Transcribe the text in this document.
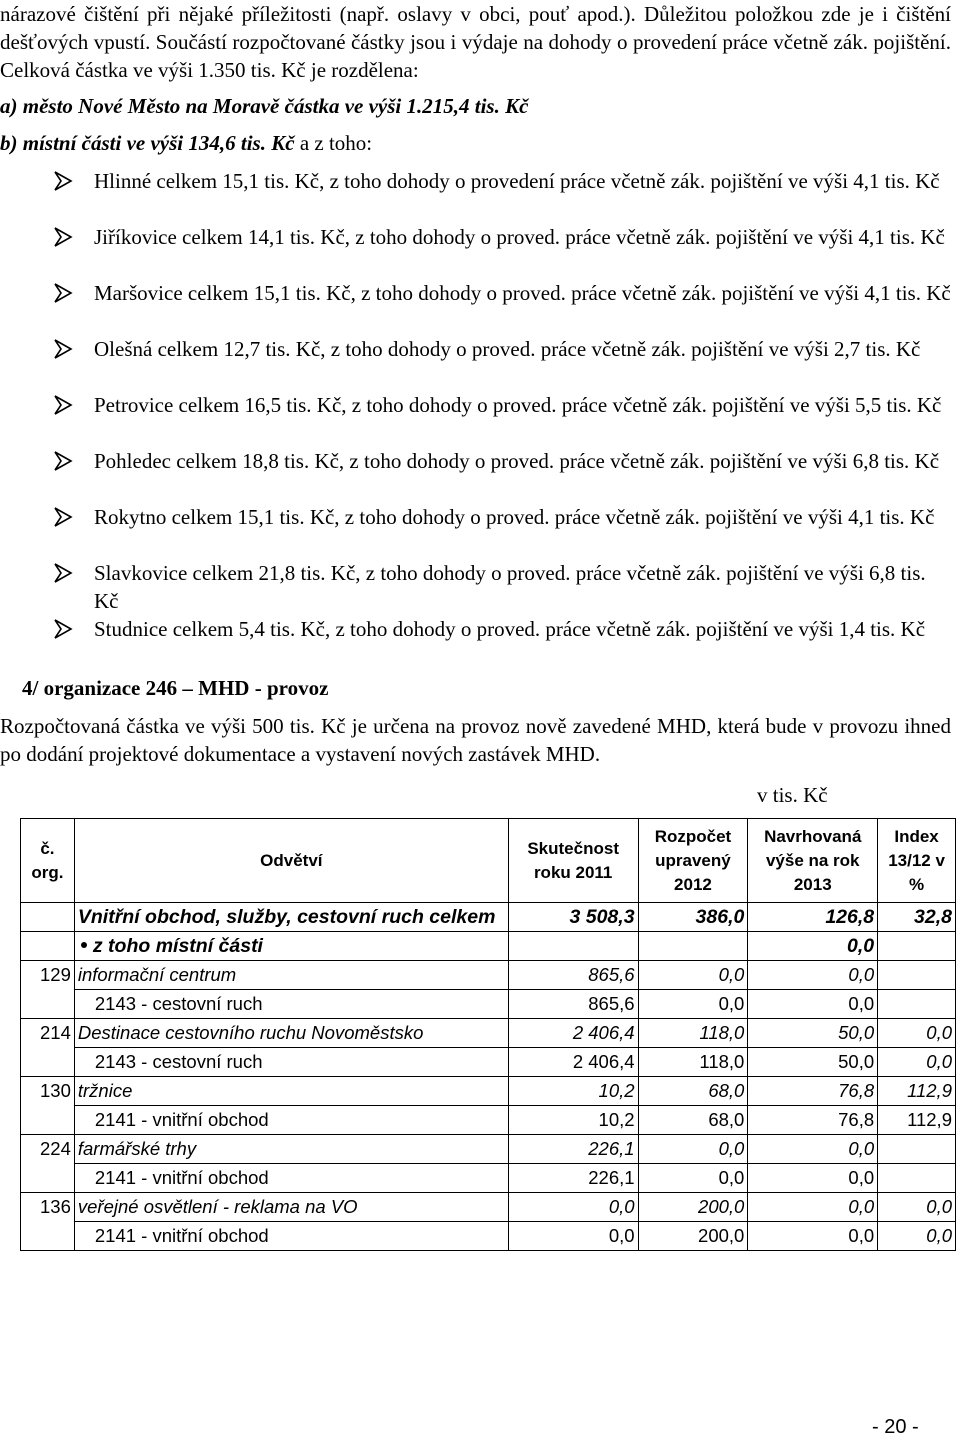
nárazové čištění při nějaké příležitosti (např. oslavy v obci, pouť apod.). Důležitou položkou zde je i čištění dešťových vpustí. Součástí rozpočtované částky jsou i výdaje na dohody o provedení práce včetně zák. pojištění. Celková částka ve výši 1.350 tis. Kč je rozdělena:
a) město Nové Město na Moravě částka ve výši 1.215,4 tis. Kč
b) místní části ve výši 134,6 tis. Kč a z toho:
Hlinné celkem 15,1 tis. Kč, z toho dohody o provedení práce včetně zák. pojištění ve výši 4,1 tis. Kč
Jiříkovice celkem 14,1 tis. Kč, z toho dohody o proved. práce včetně zák. pojištění ve výši 4,1 tis. Kč
Maršovice celkem 15,1 tis. Kč, z toho dohody o proved. práce včetně zák. pojištění ve výši 4,1 tis. Kč
Olešná celkem 12,7 tis. Kč, z toho dohody o proved. práce včetně zák. pojištění ve výši 2,7 tis. Kč
Petrovice celkem 16,5 tis. Kč, z toho dohody o proved. práce včetně zák. pojištění ve výši 5,5 tis. Kč
Pohledec celkem 18,8 tis. Kč, z toho dohody o proved. práce včetně zák. pojištění ve výši 6,8 tis. Kč
Rokytno celkem 15,1 tis. Kč, z toho dohody o proved. práce včetně zák. pojištění ve výši 4,1 tis. Kč
Slavkovice celkem 21,8 tis. Kč, z toho dohody o proved. práce včetně zák. pojištění ve výši 6,8 tis. Kč
Studnice celkem 5,4 tis. Kč, z toho dohody o proved. práce včetně zák. pojištění ve výši 1,4 tis. Kč
4/ organizace 246 – MHD - provoz
Rozpočtovaná částka ve výši 500 tis. Kč je určena na provoz nově zavedené MHD, která bude v provozu ihned po dodání projektové dokumentace a vystavení nových zastávek MHD.
v tis. Kč
č. org.	Odvětví	Skutečnost roku 2011	Rozpočet upravený 2012	Navrhovaná výše na rok 2013	Index 13/12 v %
	Vnitřní obchod, služby, cestovní ruch celkem	3 508,3	386,0	126,8	32,8
	z toho místní části			0,0	
129	informační centrum	865,6	0,0	0,0	
	2143 - cestovní ruch	865,6	0,0	0,0	
214	Destinace cestovního ruchu Novoměstsko	2 406,4	118,0	50,0	0,0
	2143 - cestovní ruch	2 406,4	118,0	50,0	0,0
130	tržnice	10,2	68,0	76,8	112,9
	2141 - vnitřní obchod	10,2	68,0	76,8	112,9
224	farmářské trhy	226,1	0,0	0,0	
	2141 - vnitřní obchod	226,1	0,0	0,0	
136	veřejné osvětlení - reklama na VO	0,0	200,0	0,0	0,0
	2141 - vnitřní obchod	0,0	200,0	0,0	0,0
- 20 -
